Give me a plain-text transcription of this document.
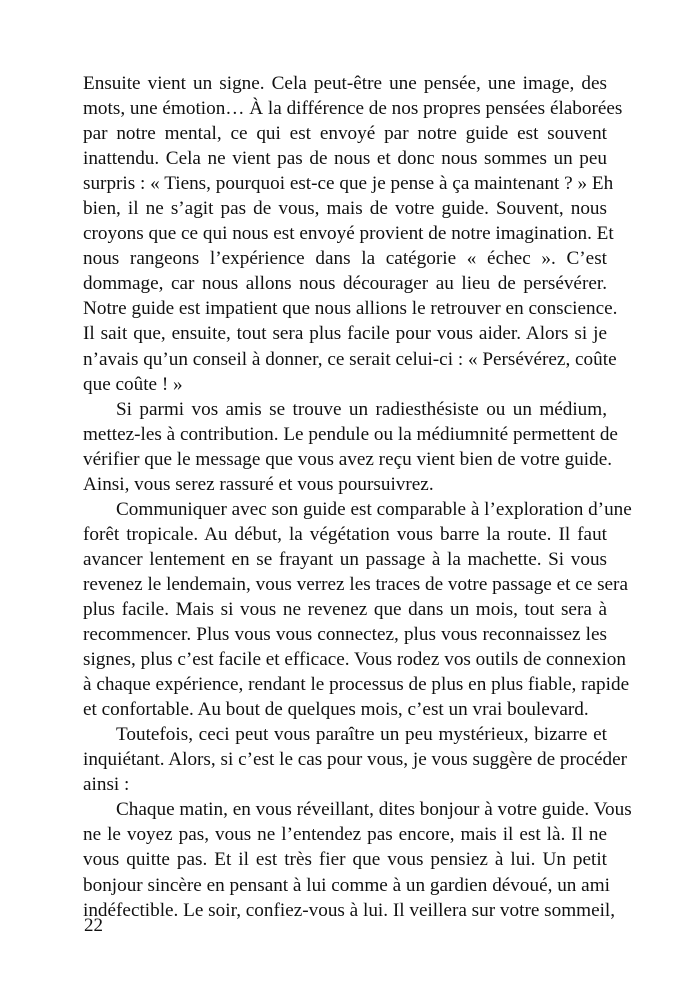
Ensuite vient un signe. Cela peut-être une pensée, une image, des
mots, une émotion… À la différence de nos propres pensées élaborées
par notre mental, ce qui est envoyé par notre guide est souvent
inattendu. Cela ne vient pas de nous et donc nous sommes un peu
surpris : « Tiens, pourquoi est-ce que je pense à ça maintenant ? » Eh
bien, il ne s’agit pas de vous, mais de votre guide. Souvent, nous
croyons que ce qui nous est envoyé provient de notre imagination. Et
nous rangeons l’expérience dans la catégorie « échec ». C’est
dommage, car nous allons nous décourager au lieu de persévérer.
Notre guide est impatient que nous allions le retrouver en conscience.
Il sait que, ensuite, tout sera plus facile pour vous aider. Alors si je
n’avais qu’un conseil à donner, ce serait celui-ci : « Persévérez, coûte
que coûte ! »
Si parmi vos amis se trouve un radiesthésiste ou un médium,
mettez-les à contribution. Le pendule ou la médiumnité permettent de
vérifier que le message que vous avez reçu vient bien de votre guide.
Ainsi, vous serez rassuré et vous poursuivrez.
Communiquer avec son guide est comparable à l’exploration d’une
forêt tropicale. Au début, la végétation vous barre la route. Il faut
avancer lentement en se frayant un passage à la machette. Si vous
revenez le lendemain, vous verrez les traces de votre passage et ce sera
plus facile. Mais si vous ne revenez que dans un mois, tout sera à
recommencer. Plus vous vous connectez, plus vous reconnaissez les
signes, plus c’est facile et efficace. Vous rodez vos outils de connexion
à chaque expérience, rendant le processus de plus en plus fiable, rapide
et confortable. Au bout de quelques mois, c’est un vrai boulevard.
Toutefois, ceci peut vous paraître un peu mystérieux, bizarre et
inquiétant. Alors, si c’est le cas pour vous, je vous suggère de procéder
ainsi :
Chaque matin, en vous réveillant, dites bonjour à votre guide. Vous
ne le voyez pas, vous ne l’entendez pas encore, mais il est là. Il ne
vous quitte pas. Et il est très fier que vous pensiez à lui. Un petit
bonjour sincère en pensant à lui comme à un gardien dévoué, un ami
indéfectible. Le soir, confiez-vous à lui. Il veillera sur votre sommeil,
22
